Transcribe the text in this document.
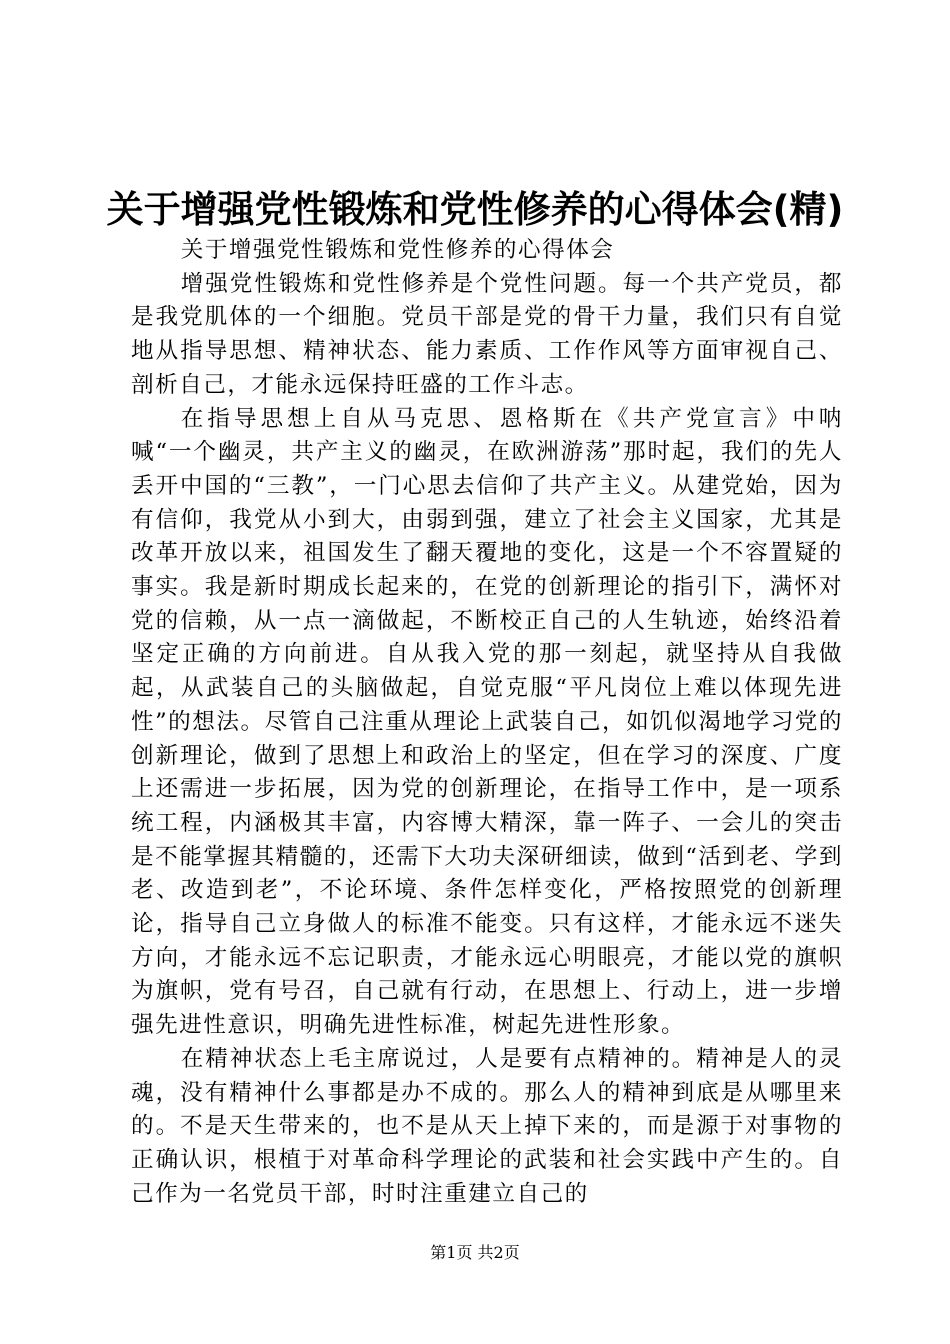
关于增强党性锻炼和党性修养的心得体会(精)

关于增强党性锻炼和党性修养的心得体会

增强党性锻炼和党性修养是个党性问题。每一个共产党员，都是我党肌体的一个细胞。党员干部是党的骨干力量，我们只有自觉地从指导思想、精神状态、能力素质、工作作风等方面审视自己、剖析自己，才能永远保持旺盛的工作斗志。

在指导思想上自从马克思、恩格斯在《共产党宣言》中呐喊“一个幽灵，共产主义的幽灵，在欧洲游荡”那时起，我们的先人丢开中国的“三教”，一门心思去信仰了共产主义。从建党始，因为有信仰，我党从小到大，由弱到强，建立了社会主义国家，尤其是改革开放以来，祖国发生了翻天覆地的变化，这是一个不容置疑的事实。我是新时期成长起来的，在党的创新理论的指引下，满怀对党的信赖，从一点一滴做起，不断校正自己的人生轨迹，始终沿着坚定正确的方向前进。自从我入党的那一刻起，就坚持从自我做起，从武装自己的头脑做起，自觉克服“平凡岗位上难以体现先进性”的想法。尽管自己注重从理论上武装自己，如饥似渴地学习党的创新理论，做到了思想上和政治上的坚定，但在学习的深度、广度上还需进一步拓展，因为党的创新理论，在指导工作中，是一项系统工程，内涵极其丰富，内容博大精深，靠一阵子、一会儿的突击是不能掌握其精髓的，还需下大功夫深研细读，做到“活到老、学到老、改造到老”，不论环境、条件怎样变化，严格按照党的创新理论，指导自己立身做人的标准不能变。只有这样，才能永远不迷失方向，才能永远不忘记职责，才能永远心明眼亮，才能以党的旗帜为旗帜，党有号召，自己就有行动，在思想上、行动上，进一步增强先进性意识，明确先进性标准，树起先进性形象。

在精神状态上毛主席说过，人是要有点精神的。精神是人的灵魂，没有精神什么事都是办不成的。那么人的精神到底是从哪里来的。不是天生带来的，也不是从天上掉下来的，而是源于对事物的正确认识，根植于对革命科学理论的武装和社会实践中产生的。自己作为一名党员干部，时时注重建立自己的

第1页 共2页
